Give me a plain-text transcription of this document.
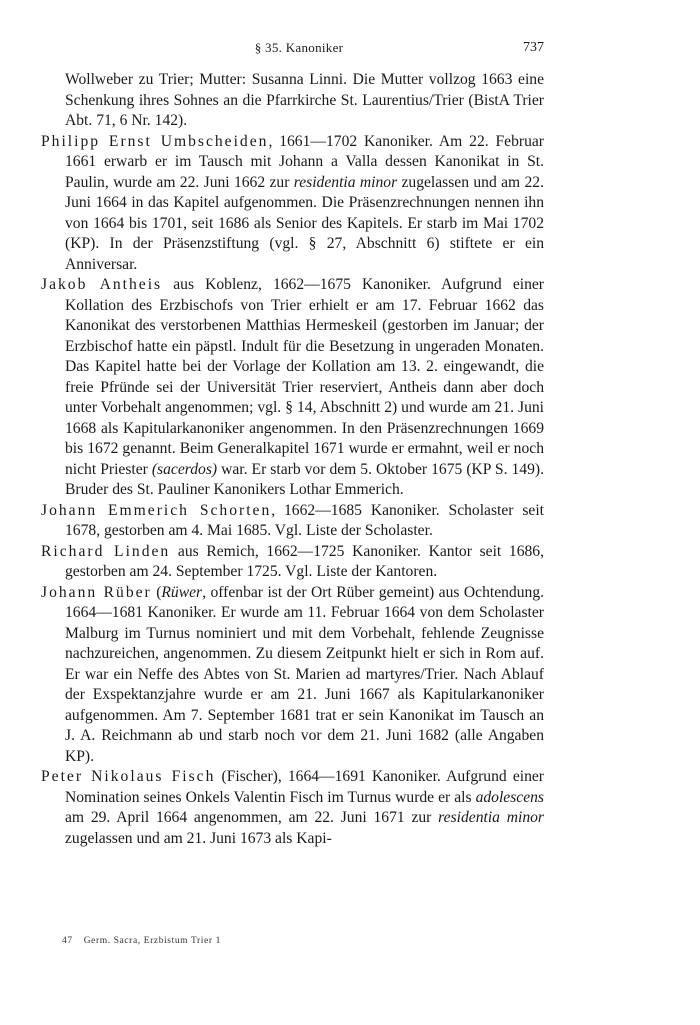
§ 35. Kanoniker	737

Wollweber zu Trier; Mutter: Susanna Linni. Die Mutter vollzog 1663 eine Schenkung ihres Sohnes an die Pfarrkirche St. Laurentius/Trier (BistA Trier Abt. 71, 6 Nr. 142).

Philipp Ernst Umbscheiden, 1661—1702 Kanoniker. Am 22. Februar 1661 erwarb er im Tausch mit Johann a Valla dessen Kanonikat in St. Paulin, wurde am 22. Juni 1662 zur residentia minor zugelassen und am 22. Juni 1664 in das Kapitel aufgenommen. Die Präsenzrechnungen nennen ihn von 1664 bis 1701, seit 1686 als Senior des Kapitels. Er starb im Mai 1702 (KP). In der Präsenzstiftung (vgl. § 27, Abschnitt 6) stiftete er ein Anniversar.

Jakob Antheis aus Koblenz, 1662—1675 Kanoniker. Aufgrund einer Kollation des Erzbischofs von Trier erhielt er am 17. Februar 1662 das Kanonikat des verstorbenen Matthias Hermeskeil (gestorben im Januar; der Erzbischof hatte ein päpstl. Indult für die Besetzung in ungeraden Monaten. Das Kapitel hatte bei der Vorlage der Kollation am 13. 2. eingewandt, die freie Pfründe sei der Universität Trier reserviert, Antheis dann aber doch unter Vorbehalt angenommen; vgl. § 14, Abschnitt 2) und wurde am 21. Juni 1668 als Kapitularkanoniker angenommen. In den Präsenzrechnungen 1669 bis 1672 genannt. Beim Generalkapitel 1671 wurde er ermahnt, weil er noch nicht Priester (sacerdos) war. Er starb vor dem 5. Oktober 1675 (KP S. 149). Bruder des St. Pauliner Kanonikers Lothar Emmerich.

Johann Emmerich Schorten, 1662—1685 Kanoniker. Scholaster seit 1678, gestorben am 4. Mai 1685. Vgl. Liste der Scholaster.

Richard Linden aus Remich, 1662—1725 Kanoniker. Kantor seit 1686, gestorben am 24. September 1725. Vgl. Liste der Kantoren.

Johann Rüber (Rüwer, offenbar ist der Ort Rüber gemeint) aus Ochtendung. 1664—1681 Kanoniker. Er wurde am 11. Februar 1664 von dem Scholaster Malburg im Turnus nominiert und mit dem Vorbehalt, fehlende Zeugnisse nachzureichen, angenommen. Zu diesem Zeitpunkt hielt er sich in Rom auf. Er war ein Neffe des Abtes von St. Marien ad martyres/Trier. Nach Ablauf der Exspektanzjahre wurde er am 21. Juni 1667 als Kapitularkanoniker aufgenommen. Am 7. September 1681 trat er sein Kanonikat im Tausch an J. A. Reichmann ab und starb noch vor dem 21. Juni 1682 (alle Angaben KP).

Peter Nikolaus Fisch (Fischer), 1664—1691 Kanoniker. Aufgrund einer Nomination seines Onkels Valentin Fisch im Turnus wurde er als adolescens am 29. April 1664 angenommen, am 22. Juni 1671 zur residentia minor zugelassen und am 21. Juni 1673 als Kapi-

47 Germ. Sacra, Erzbistum Trier 1
